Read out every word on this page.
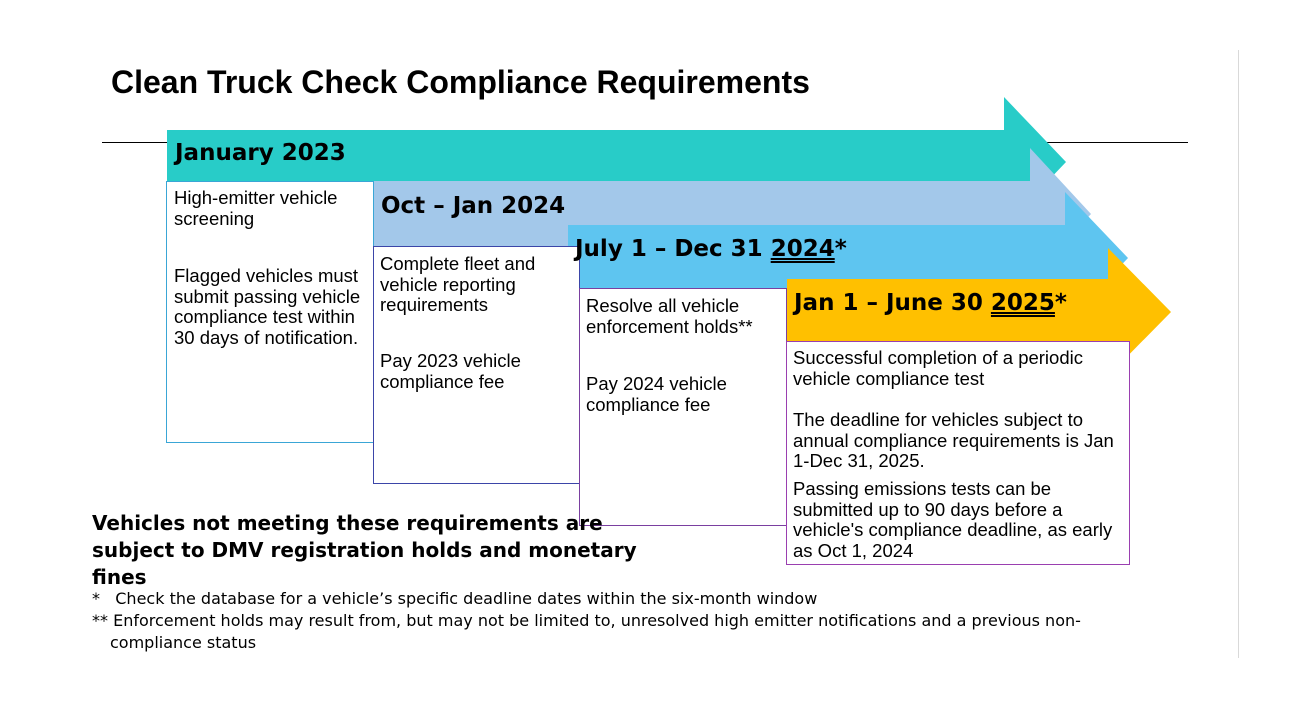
Clean Truck Check Compliance Requirements
High-emitter vehicle screening
Flagged vehicles must submit passing vehicle compliance test within 30 days of notification.
Complete fleet and vehicle reporting requirements
Pay 2023 vehicle compliance fee
Resolve all vehicle enforcement holds**
Pay 2024 vehicle compliance fee
Successful completion of a periodic vehicle compliance test
The deadline for vehicles subject to annual compliance requirements is Jan 1-Dec 31, 2025.
Passing emissions tests can be submitted up to 90 days before a vehicle's compliance deadline, as early as Oct 1, 2024
January 2023
Oct – Jan 2024
July 1 – Dec 31 2024*
Jan 1 – June 30 2025*
Vehicles not meeting these requirements are subject to DMV registration holds and monetary fines
*   Check the database for a vehicle’s specific deadline dates within the six-month window
** Enforcement holds may result from, but may not be limited to, unresolved high emitter notifications and a previous non-compliance status
